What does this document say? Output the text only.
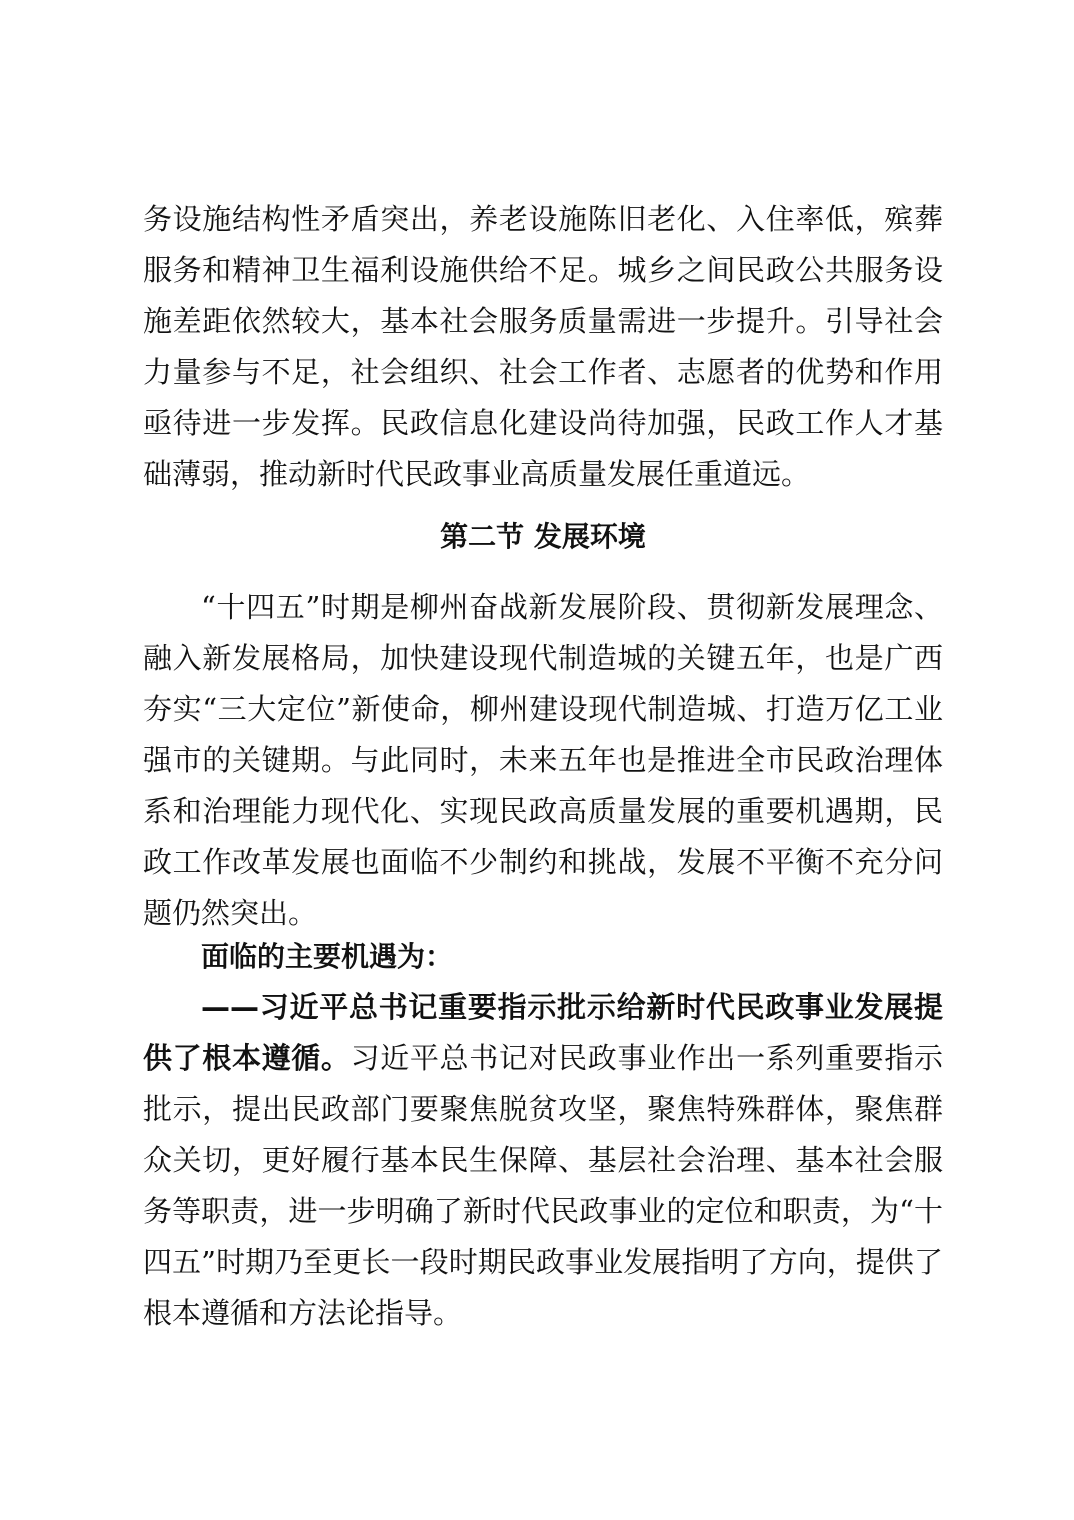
务设施结构性矛盾突出，养老设施陈旧老化、入住率低，殡葬服务和精神卫生福利设施供给不足。城乡之间民政公共服务设施差距依然较大，基本社会服务质量需进一步提升。引导社会力量参与不足，社会组织、社会工作者、志愿者的优势和作用亟待进一步发挥。民政信息化建设尚待加强，民政工作人才基础薄弱，推动新时代民政事业高质量发展任重道远。

第二节 发展环境

“十四五”时期是柳州奋战新发展阶段、贯彻新发展理念、融入新发展格局，加快建设现代制造城的关键五年，也是广西夯实“三大定位”新使命，柳州建设现代制造城、打造万亿工业强市的关键期。与此同时，未来五年也是推进全市民政治理体系和治理能力现代化、实现民政高质量发展的重要机遇期，民政工作改革发展也面临不少制约和挑战，发展不平衡不充分问题仍然突出。

面临的主要机遇为：

——习近平总书记重要指示批示给新时代民政事业发展提供了根本遵循。习近平总书记对民政事业作出一系列重要指示批示，提出民政部门要聚焦脱贫攻坚，聚焦特殊群体，聚焦群众关切，更好履行基本民生保障、基层社会治理、基本社会服务等职责，进一步明确了新时代民政事业的定位和职责，为“十四五”时期乃至更长一段时期民政事业发展指明了方向，提供了根本遵循和方法论指导。
